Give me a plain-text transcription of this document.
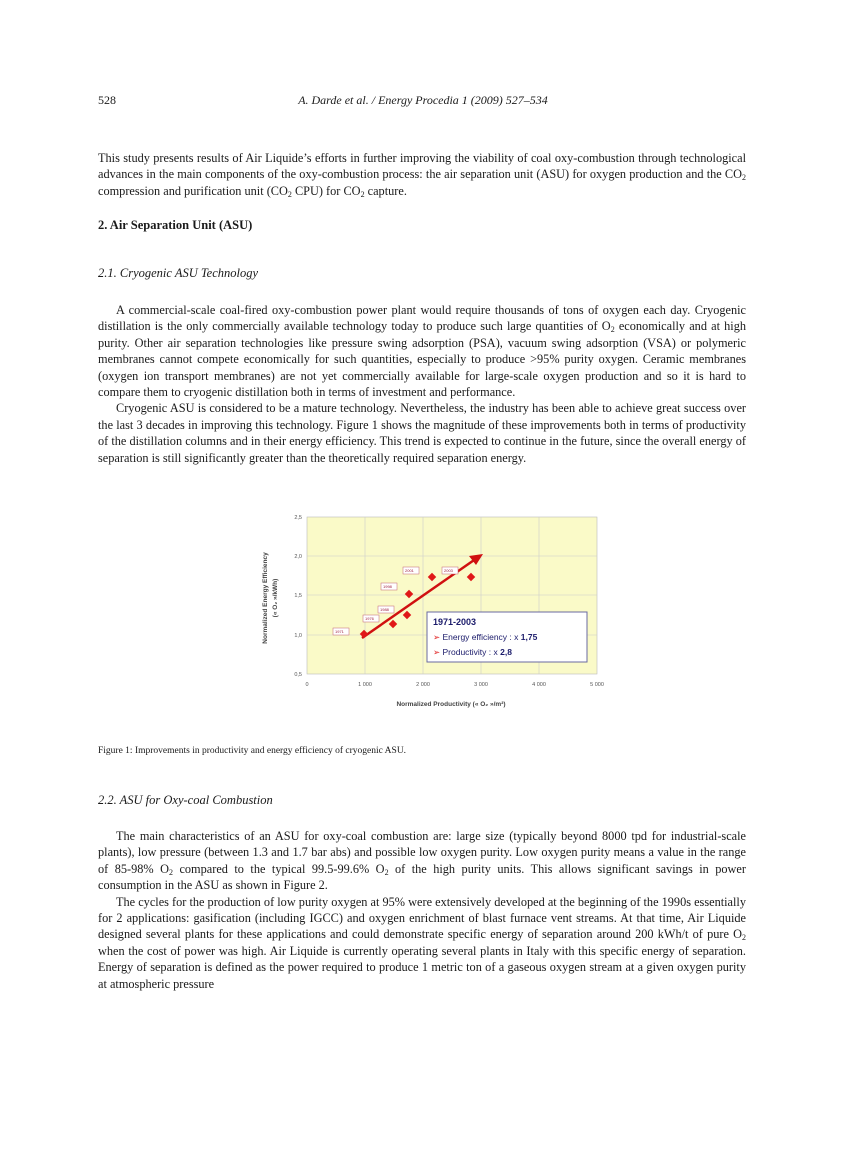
528	A. Darde et al. / Energy Procedia 1 (2009) 527–534

This study presents results of Air Liquide’s efforts in further improving the viability of coal oxy-combustion through technological advances in the main components of the oxy-combustion process: the air separation unit (ASU) for oxygen production and the $CO_2$ compression and purification unit ($CO_2$ CPU) for $CO_2$ capture.

2. Air Separation Unit (ASU)
2.1. Cryogenic ASU Technology

A commercial-scale coal-fired oxy-combustion power plant would require thousands of tons of oxygen each day. Cryogenic distillation is the only commercially available technology today to produce such large quantities of $O_2$ economically and at high purity. Other air separation technologies like pressure swing adsorption (PSA), vacuum swing adsorption (VSA) or polymeric membranes cannot compete economically for such quantities, especially to produce >95% purity oxygen. Ceramic membranes (oxygen ion transport membranes) are not yet commercially available for large-scale oxygen production and so it is hard to compare them to cryogenic distillation both in terms of investment and performance.

Cryogenic ASU is considered to be a mature technology. Nevertheless, the industry has been able to achieve great success over the last 3 decades in improving this technology. Figure 1 shows the magnitude of these improvements both in terms of productivity of the distillation columns and in their energy efficiency. This trend is expected to continue in the future, since the overall energy of separation is still significantly greater than the theoretically required separation energy.

2,5
2,0
1,5
1,0
0,5
0	1 000	2 000	3 000	4 000	5 000
Normalized Productivity (« O₂ »/m²)
Normalized Energy Efficiency (« O₂ »/kWh)
1971
1976
1988
1998
2001	2003
1971-2003
➢ Energy efficiency : x 1,75
➢ Productivity : x 2,8
Figure 1: Improvements in productivity and energy efficiency of cryogenic ASU.
2.2. ASU for Oxy-coal Combustion

The main characteristics of an ASU for oxy-coal combustion are: large size (typically beyond 8000 tpd for industrial-scale plants), low pressure (between 1.3 and 1.7 bar abs) and possible low oxygen purity. Low oxygen purity means a value in the range of 85-98% $O_2$ compared to the typical 99.5-99.6% $O_2$ of the high purity units. This allows significant savings in power consumption in the ASU as shown in Figure 2.

The cycles for the production of low purity oxygen at 95% were extensively developed at the beginning of the 1990s essentially for 2 applications: gasification (including IGCC) and oxygen enrichment of blast furnace vent streams. At that time, Air Liquide designed several plants for these applications and could demonstrate specific energy of separation around 200 kWh/t of pure $O_2$ when the cost of power was high. Air Liquide is currently operating several plants in Italy with this specific energy of separation. Energy of separation is defined as the power required to produce 1 metric ton of a gaseous oxygen stream at a given oxygen purity at atmospheric pressure
